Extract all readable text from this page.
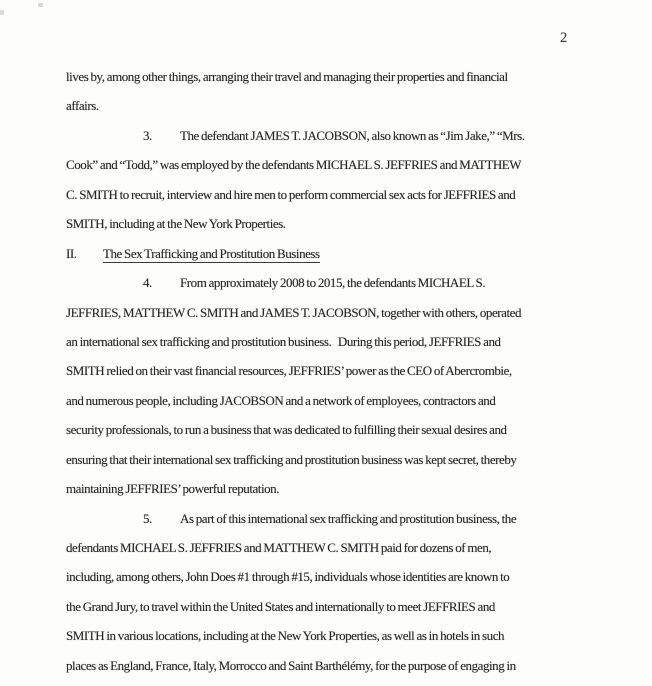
2
lives by, among other things, arranging their travel and managing their properties and financial
affairs.
3. The defendant JAMES T. JACOBSON, also known as “Jim Jake,” “Mrs.
Cook” and “Todd,” was employed by the defendants MICHAEL S. JEFFRIES and MATTHEW
C. SMITH to recruit, interview and hire men to perform commercial sex acts for JEFFRIES and
SMITH, including at the New York Properties.
II. The Sex Trafficking and Prostitution Business
4. From approximately 2008 to 2015, the defendants MICHAEL S.
JEFFRIES, MATTHEW C. SMITH and JAMES T. JACOBSON, together with others, operated
an international sex trafficking and prostitution business.   During this period, JEFFRIES and
SMITH relied on their vast financial resources, JEFFRIES’ power as the CEO of Abercrombie,
and numerous people, including JACOBSON and a network of employees, contractors and
security professionals, to run a business that was dedicated to fulfilling their sexual desires and
ensuring that their international sex trafficking and prostitution business was kept secret, thereby
maintaining JEFFRIES’ powerful reputation.
5. As part of this international sex trafficking and prostitution business, the
defendants MICHAEL S. JEFFRIES and MATTHEW C. SMITH paid for dozens of men,
including, among others, John Does #1 through #15, individuals whose identities are known to
the Grand Jury, to travel within the United States and internationally to meet JEFFRIES and
SMITH in various locations, including at the New York Properties, as well as in hotels in such
places as England, France, Italy, Morrocco and Saint Barthélémy, for the purpose of engaging in
